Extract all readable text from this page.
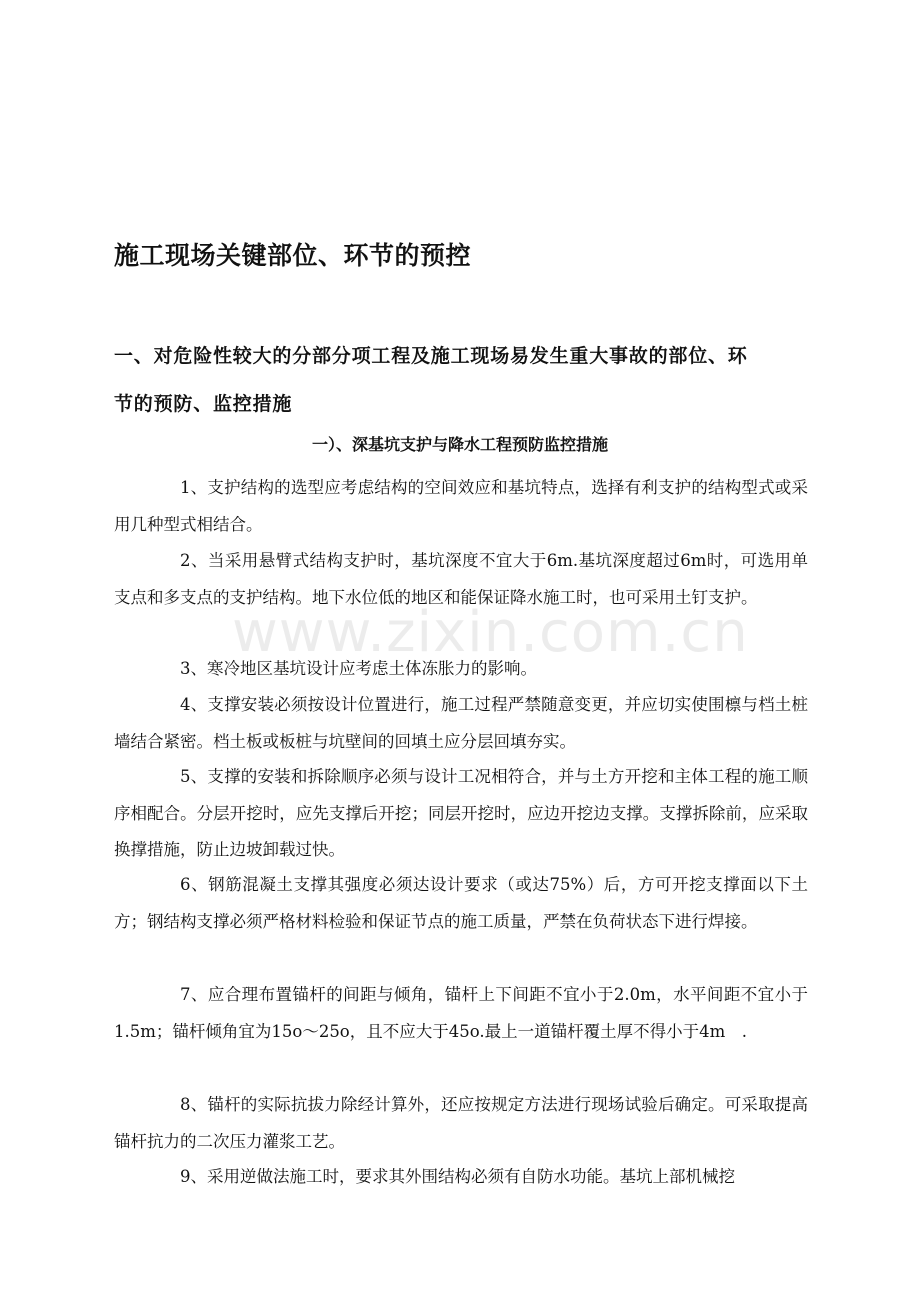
施工现场关键部位、环节的预控
一、对危险性较大的分部分项工程及施工现场易发生重大事故的部位、环
节的预防、监控措施
一）、深基坑支护与降水工程预防监控措施

1、支护结构的选型应考虑结构的空间效应和基坑特点，选择有利支护的结构型式或采用几种型式相结合。

2、当采用悬臂式结构支护时，基坑深度不宜大于6m.基坑深度超过6m时，可选用单支点和多支点的支护结构。地下水位低的地区和能保证降水施工时，也可采用土钉支护。

3、寒冷地区基坑设计应考虑土体冻胀力的影响。

4、支撑安装必须按设计位置进行，施工过程严禁随意变更，并应切实使围檩与档土桩墙结合紧密。档土板或板桩与坑壁间的回填土应分层回填夯实。

5、支撑的安装和拆除顺序必须与设计工况相符合，并与土方开挖和主体工程的施工顺序相配合。分层开挖时，应先支撑后开挖；同层开挖时，应边开挖边支撑。支撑拆除前，应采取换撑措施，防止边坡卸载过快。

6、钢筋混凝土支撑其强度必须达设计要求（或达75%）后，方可开挖支撑面以下土方；钢结构支撑必须严格材料检验和保证节点的施工质量，严禁在负荷状态下进行焊接。

7、应合理布置锚杆的间距与倾角，锚杆上下间距不宜小于2.0m，水平间距不宜小于1.5m；锚杆倾角宜为15o～25o，且不应大于45o.最上一道锚杆覆土厚不得小于4m　.

8、锚杆的实际抗拔力除经计算外，还应按规定方法进行现场试验后确定。可采取提高锚杆抗力的二次压力灌浆工艺。

9、采用逆做法施工时，要求其外围结构必须有自防水功能。基坑上部机械挖

www.zixin.com.cn
